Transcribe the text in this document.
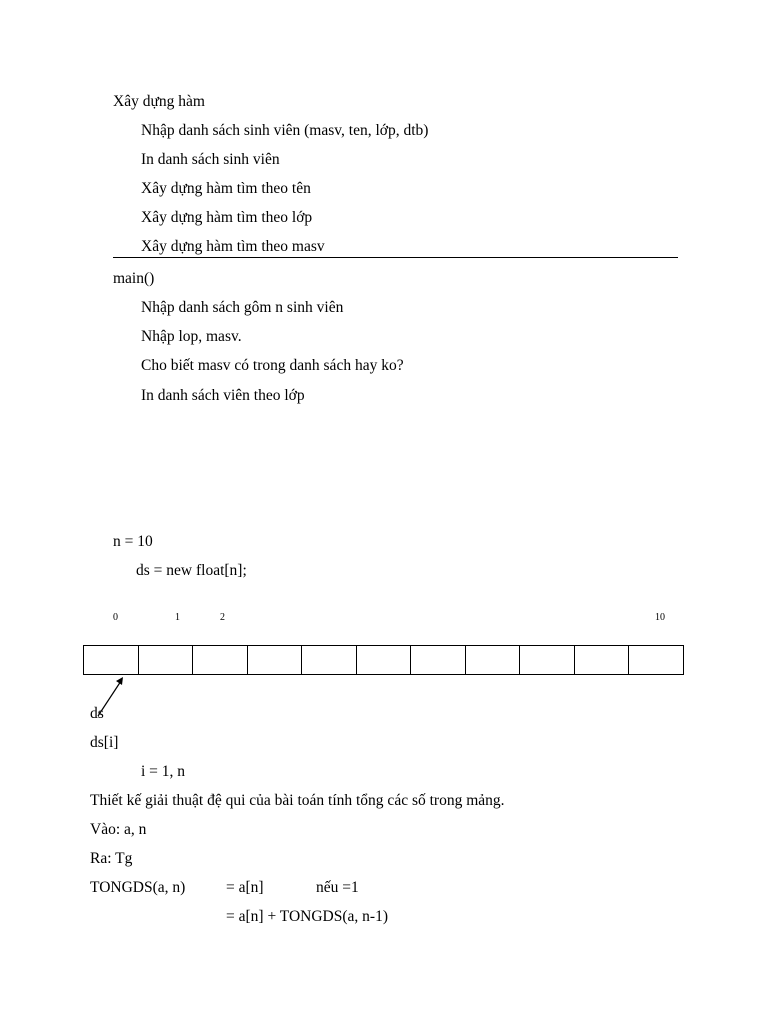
Xây dựng hàm
Nhập danh sách sinh viên (masv, ten, lớp, dtb)
In danh sách sinh viên
Xây dựng hàm tìm theo tên
Xây dựng hàm tìm theo lớp
Xây dựng hàm tìm theo masv
main()
Nhập danh sách gôm n sinh viên
Nhập lop, masv.
Cho biết masv có trong danh sách hay ko?
In danh sách viên theo lớp
n = 10
ds = new float[n];
0	1	2	10
ds
ds[i]
i = 1, n
Thiết kế giải thuật đệ qui của bài toán tính tổng các số trong mảng.
Vào: a, n
Ra: Tg
TONGDS(a, n)	= a[n]	nếu =1
= a[n] + TONGDS(a, n-1)
